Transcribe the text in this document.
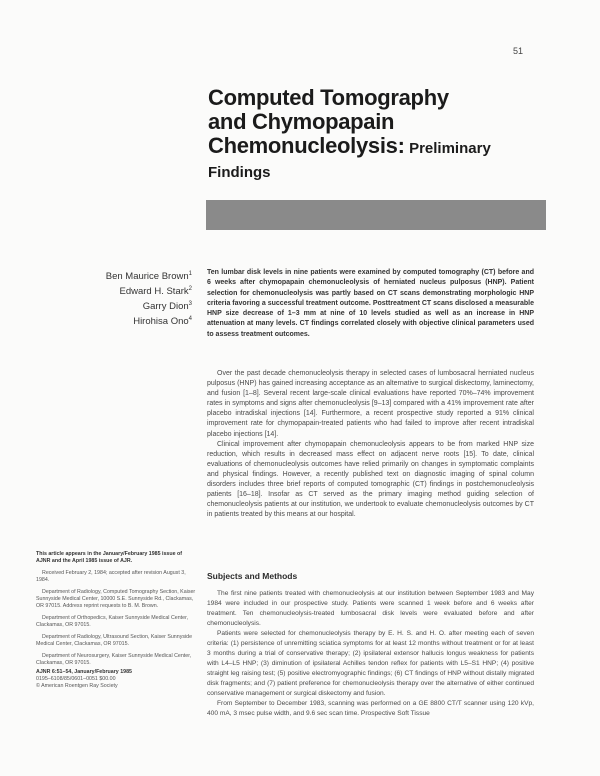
51
Computed Tomography
and Chymopapain
Chemonucleolysis: Preliminary
Findings
Ben Maurice Brown$^1$
Edward H. Stark$^2$
Garry Dion$^3$
Hirohisa Ono$^4$
Ten lumbar disk levels in nine patients were examined by computed tomography (CT) before and 6 weeks after chymopapain chemonucleolysis of herniated nucleus pulposus (HNP). Patient selection for chemonucleolysis was partly based on CT scans demonstrating morphologic HNP criteria favoring a successful treatment outcome. Posttreatment CT scans disclosed a measurable HNP size decrease of 1–3 mm at nine of 10 levels studied as well as an increase in HNP attenuation at many levels. CT findings correlated closely with objective clinical parameters used to assess treatment outcomes.

Over the past decade chemonucleolysis therapy in selected cases of lumbosacral herniated nucleus pulposus (HNP) has gained increasing acceptance as an alternative to surgical diskectomy, laminectomy, and fusion [1–8]. Several recent large-scale clinical evaluations have reported 70%–74% improvement rates in symptoms and signs after chemonucleolysis [9–13] compared with a 41% improvement rate after placebo intradiskal injections [14]. Furthermore, a recent prospective study reported a 91% clinical improvement rate for chymopapain-treated patients who had failed to improve after recent intradiskal placebo injections [14].

Clinical improvement after chymopapain chemonucleolysis appears to be from marked HNP size reduction, which results in decreased mass effect on adjacent nerve roots [15]. To date, clinical evaluations of chemonucleolysis outcomes have relied primarily on changes in symptomatic complaints and physical findings. However, a recently published text on diagnostic imaging of spinal column disorders includes three brief reports of computed tomographic (CT) findings in postchemonucleolysis patients [16–18]. Insofar as CT served as the primary imaging method guiding selection of chemonucleolysis patients at our institution, we undertook to evaluate chemonucleolysis outcomes by CT in patients treated by this means at our hospital.

Subjects and Methods

The first nine patients treated with chemonucleolysis at our institution between September 1983 and May 1984 were included in our prospective study. Patients were scanned 1 week before and 6 weeks after treatment. Ten chemonucleolysis-treated lumbosacral disk levels were evaluated before and after chemonucleolysis.

Patients were selected for chemonucleolysis therapy by E. H. S. and H. O. after meeting each of seven criteria: (1) persistence of unremitting sciatica symptoms for at least 12 months without treatment or for at least 3 months during a trial of conservative therapy; (2) ipsilateral extensor hallucis longus weakness for patients with L4–L5 HNP; (3) diminution of ipsilateral Achilles tendon reflex for patients with L5–S1 HNP; (4) positive straight leg raising test; (5) positive electromyographic findings; (6) CT findings of HNP without distally migrated disk fragments; and (7) patient preference for chemonucleolysis therapy over the alternative of either continued conservative management or surgical diskectomy and fusion.

From September to December 1983, scanning was performed on a GE 8800 CT/T scanner using 120 kVp, 400 mA, 3 msec pulse width, and 9.6 sec scan time. Prospective Soft Tissue

This article appears in the January/February 1985 issue of AJNR and the April 1985 issue of AJR.

Received February 2, 1984; accepted after revision August 3, 1984.

Department of Radiology, Computed Tomography Section, Kaiser Sunnyside Medical Center, 10000 S.E. Sunnyside Rd., Clackamas, OR 97015. Address reprint requests to B. M. Brown.

Department of Orthopedics, Kaiser Sunnyside Medical Center, Clackamas, OR 97015.

Department of Radiology, Ultrasound Section, Kaiser Sunnyside Medical Center, Clackamas, OR 97015.

Department of Neurosurgery, Kaiser Sunnyside Medical Center, Clackamas, OR 97015.

AJNR 6:51–54, January/February 1985
0195–6108/85/0601–0051 $00.00
© American Roentgen Ray Society
